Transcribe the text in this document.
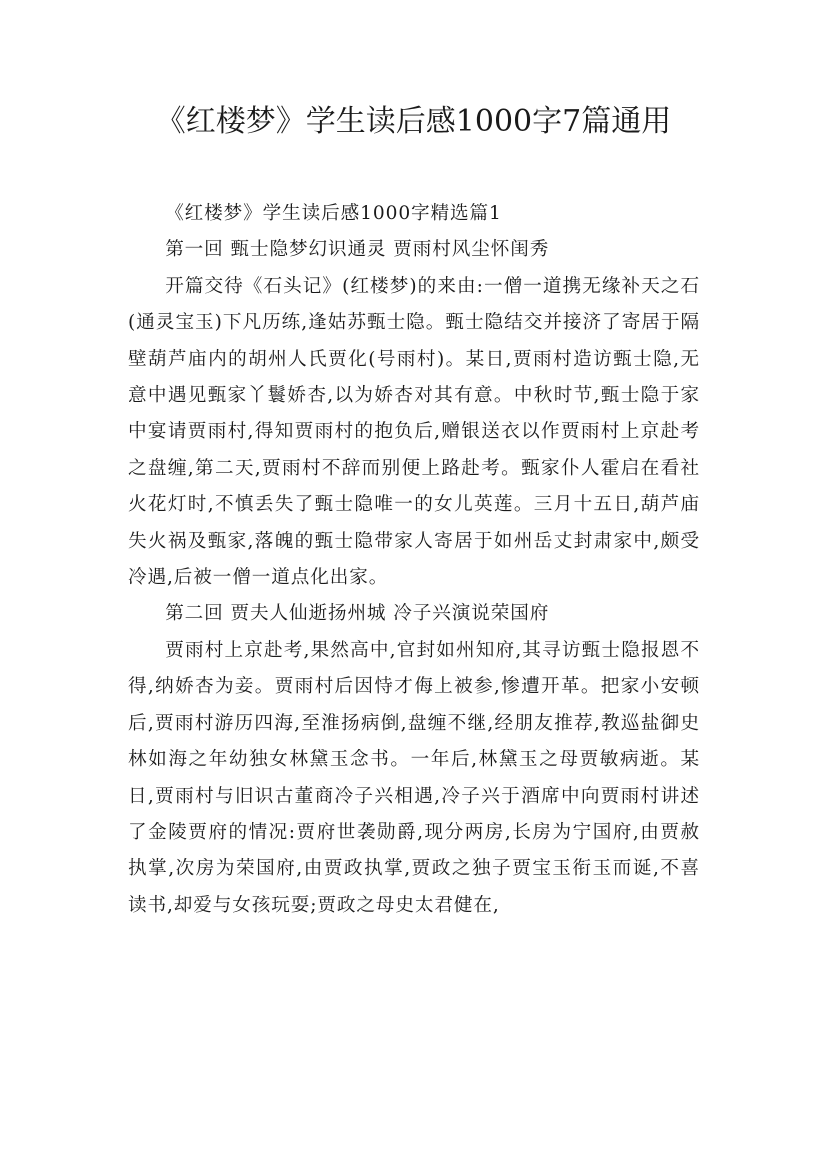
《红楼梦》学生读后感1000字7篇通用

《红楼梦》学生读后感1000字精选篇1

第一回 甄士隐梦幻识通灵 贾雨村风尘怀闺秀

开篇交待《石头记》(红楼梦)的来由:一僧一道携无缘补天之石(通灵宝玉)下凡历练,逢姑苏甄士隐。甄士隐结交并接济了寄居于隔壁葫芦庙内的胡州人氏贾化(号雨村)。某日,贾雨村造访甄士隐,无意中遇见甄家丫鬟娇杏,以为娇杏对其有意。中秋时节,甄士隐于家中宴请贾雨村,得知贾雨村的抱负后,赠银送衣以作贾雨村上京赴考之盘缠,第二天,贾雨村不辞而别便上路赴考。甄家仆人霍启在看社火花灯时,不慎丢失了甄士隐唯一的女儿英莲。三月十五日,葫芦庙失火祸及甄家,落魄的甄士隐带家人寄居于如州岳丈封肃家中,颇受冷遇,后被一僧一道点化出家。

第二回 贾夫人仙逝扬州城 冷子兴演说荣国府

贾雨村上京赴考,果然高中,官封如州知府,其寻访甄士隐报恩不得,纳娇杏为妾。贾雨村后因恃才侮上被参,惨遭开革。把家小安顿后,贾雨村游历四海,至淮扬病倒,盘缠不继,经朋友推荐,教巡盐御史林如海之年幼独女林黛玉念书。一年后,林黛玉之母贾敏病逝。某日,贾雨村与旧识古董商冷子兴相遇,冷子兴于酒席中向贾雨村讲述了金陵贾府的情况:贾府世袭勋爵,现分两房,长房为宁国府,由贾赦执掌,次房为荣国府,由贾政执掌,贾政之独子贾宝玉衔玉而诞,不喜读书,却爱与女孩玩耍;贾政之母史太君健在,
